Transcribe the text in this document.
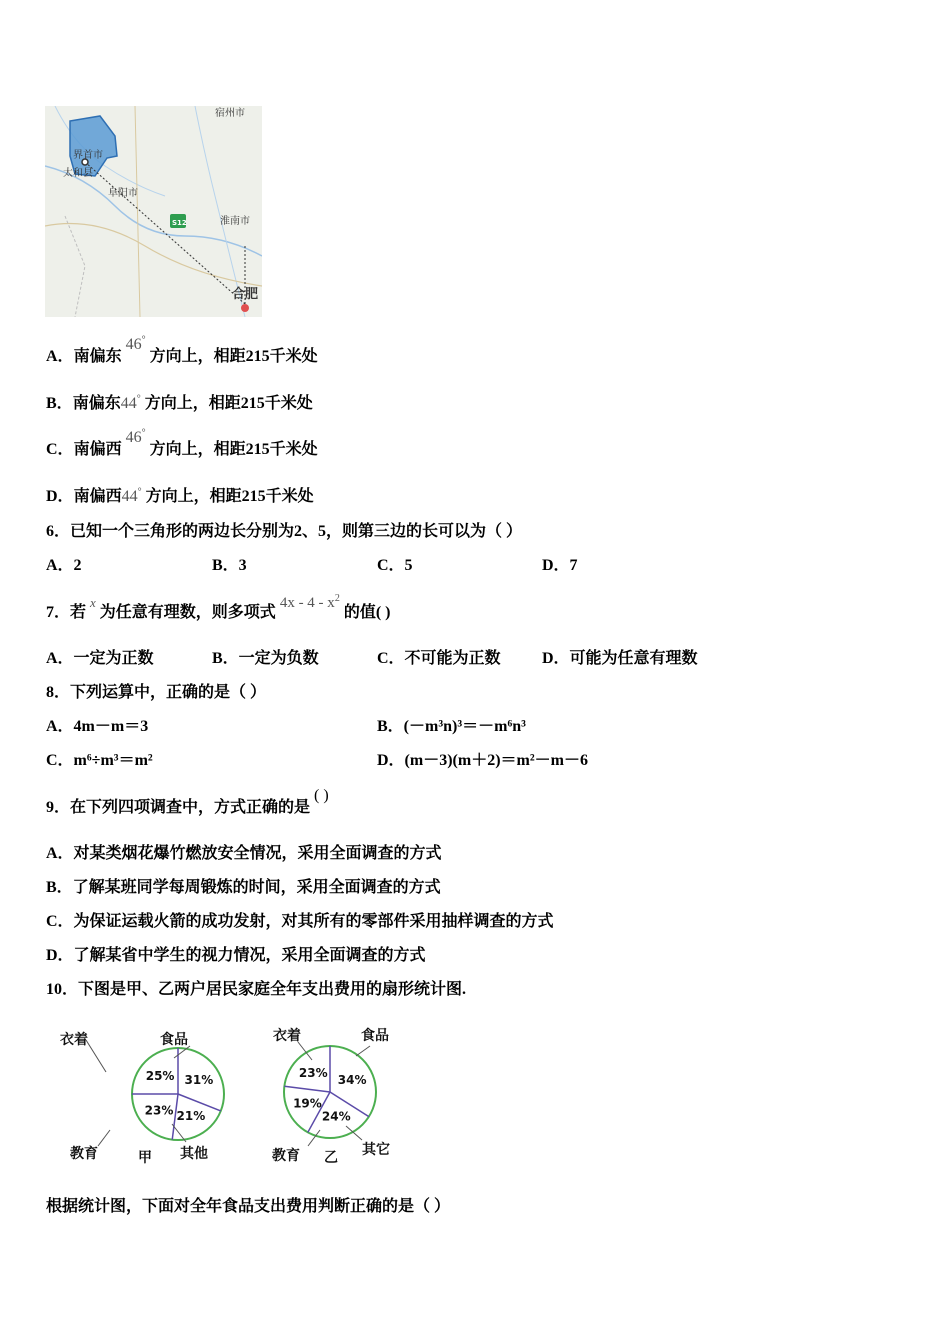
宿州市
界首市
太和县
阜阳市
S12	淮南市
合肥
A．南偏东 46° 方向上，相距215千米处
B．南偏东44° 方向上，相距215千米处
C．南偏西 46° 方向上，相距215千米处
D．南偏西44° 方向上，相距215千米处
6．已知一个三角形的两边长分别为2、5，则第三边的长可以为（ ）
A．2	B．3	C．5	D．7
7．若 $^x$ 为任意有理数，则多项式 $4x - 4 - x^2$ 的值( )
A．一定为正数	B．一定为负数	C．不可能为正数	D．可能为任意有理数
8．下列运算中，正确的是（ ）
A．4m－m＝3	B．(－m³n)³＝－m⁶n³
C．m⁶÷m³＝m²	D．(m－3)(m＋2)＝m²－m－6
9．在下列四项调查中，方式正确的是 ( )
A．对某类烟花爆竹燃放安全情况，采用全面调查的方式
B．了解某班同学每周锻炼的时间，采用全面调查的方式
C．为保证运载火箭的成功发射，对其所有的零部件采用抽样调查的方式
D．了解某省中学生的视力情况，采用全面调查的方式
10．下图是甲、乙两户居民家庭全年支出费用的扇形统计图.
31%
21%
23%
25%
衣着	食品
其他
教育	甲
34%
24%
19%
23%
衣着	食品
其它
教育 乙
根据统计图，下面对全年食品支出费用判断正确的是（ ）
